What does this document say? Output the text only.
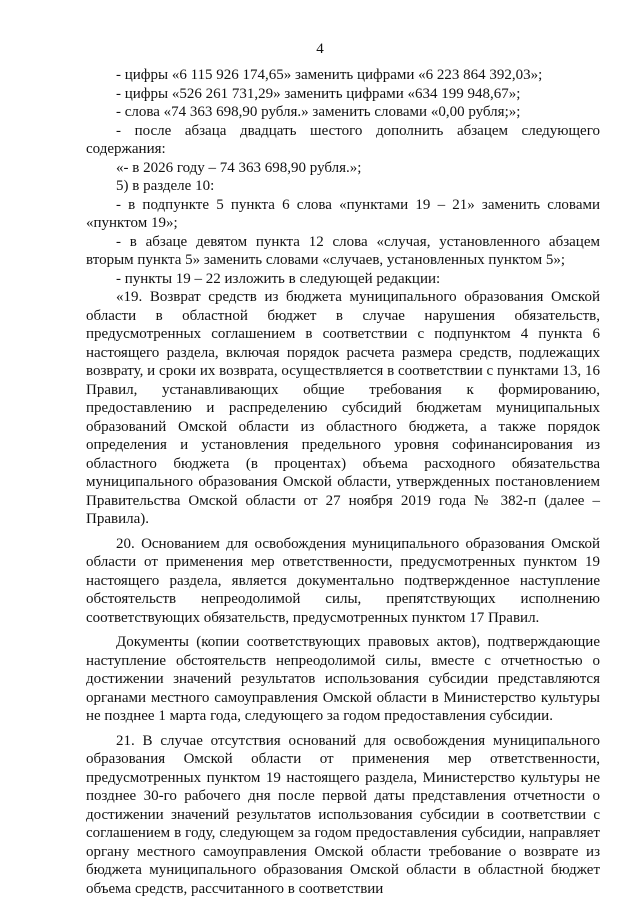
4

- цифры «6 115 926 174,65» заменить цифрами «6 223 864 392,03»;

- цифры «526 261 731,29» заменить цифрами «634 199 948,67»;

- слова «74 363 698,90 рубля.» заменить словами «0,00 рубля;»;

- после абзаца двадцать шестого дополнить абзацем следующего содержания:

«- в 2026 году – 74 363 698,90 рубля.»;

5) в разделе 10:

- в подпункте 5 пункта 6 слова «пунктами 19 – 21» заменить словами «пунктом 19»;

- в абзаце девятом пункта 12 слова «случая, установленного абзацем вторым пункта 5» заменить словами «случаев, установленных пунктом 5»;

- пункты 19 – 22 изложить в следующей редакции:

«19. Возврат средств из бюджета муниципального образования Омской области в областной бюджет в случае нарушения обязательств, предусмотренных соглашением в соответствии с подпунктом 4 пункта 6 настоящего раздела, включая порядок расчета размера средств, подлежащих возврату, и сроки их возврата, осуществляется в соответствии с пунктами 13, 16 Правил, устанавливающих общие требования к формированию, предоставлению и распределению субсидий бюджетам муниципальных образований Омской области из областного бюджета, а также порядок определения и установления предельного уровня софинансирования из областного бюджета (в процентах) объема расходного обязательства муниципального образования Омской области, утвержденных постановлением Правительства Омской области от 27 ноября 2019 года № 382-п (далее – Правила).

20. Основанием для освобождения муниципального образования Омской области от применения мер ответственности, предусмотренных пунктом 19 настоящего раздела, является документально подтвержденное наступление обстоятельств непреодолимой силы, препятствующих исполнению соответствующих обязательств, предусмотренных пунктом 17 Правил.

Документы (копии соответствующих правовых актов), подтверждающие наступление обстоятельств непреодолимой силы, вместе с отчетностью о достижении значений результатов использования субсидии представляются органами местного самоуправления Омской области в Министерство культуры не позднее 1 марта года, следующего за годом предоставления субсидии.

21. В случае отсутствия оснований для освобождения муниципального образования Омской области от применения мер ответственности, предусмотренных пунктом 19 настоящего раздела, Министерство культуры не позднее 30-го рабочего дня после первой даты представления отчетности о достижении значений результатов использования субсидии в соответствии с соглашением в году, следующем за годом предоставления субсидии, направляет органу местного самоуправления Омской области требование о возврате из бюджета муниципального образования Омской области в областной бюджет объема средств, рассчитанного в соответствии
